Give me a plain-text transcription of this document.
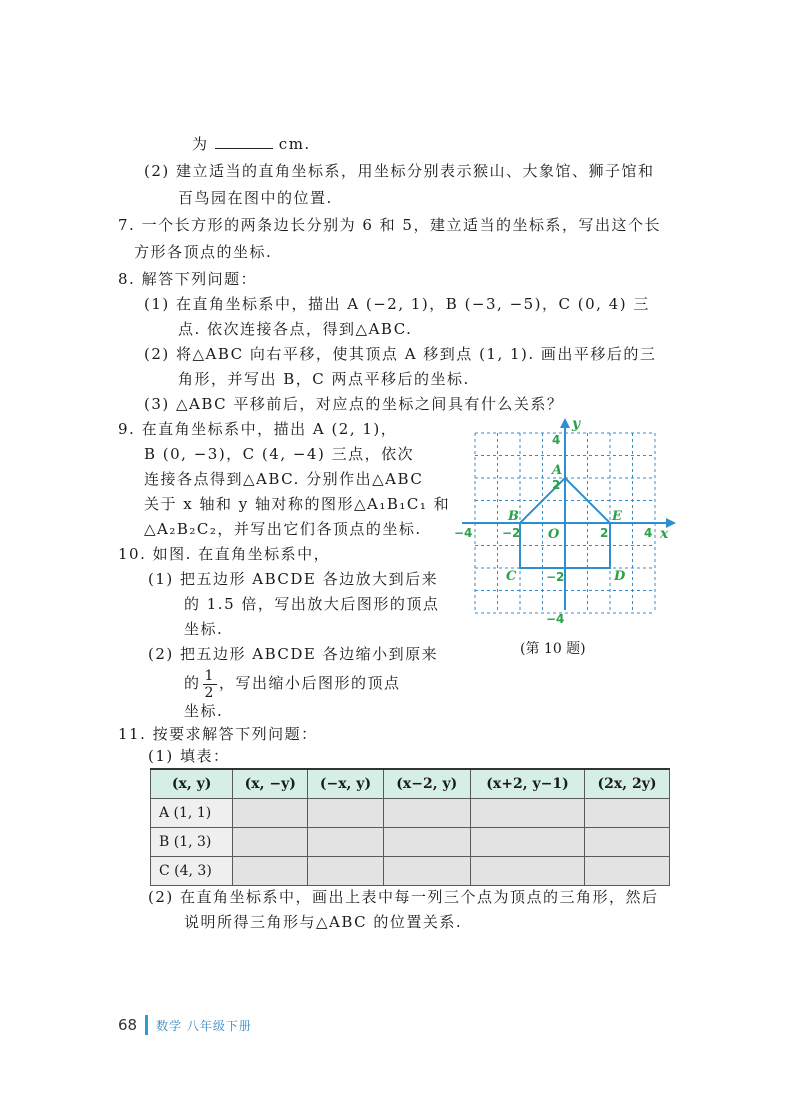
为	cm.
(2) 建立适当的直角坐标系，用坐标分别表示猴山、大象馆、狮子馆和
百鸟园在图中的位置.
7. 一个长方形的两条边长分别为 6 和 5，建立适当的坐标系，写出这个长
方形各顶点的坐标.
8. 解答下列问题：
(1) 在直角坐标系中，描出 A (−2, 1)，B (−3, −5)，C (0, 4) 三
点. 依次连接各点，得到△ABC.
(2) 将△ABC 向右平移，使其顶点 A 移到点 (1, 1). 画出平移后的三
角形，并写出 B，C 两点平移后的坐标.
(3) △ABC 平移前后，对应点的坐标之间具有什么关系？
9. 在直角坐标系中，描出 A (2, 1)，
B (0, −3)，C (4, −4) 三点，依次
连接各点得到△ABC. 分别作出△ABC
关于 x 轴和 y 轴对称的图形△A₁B₁C₁ 和
△A₂B₂C₂，并写出它们各顶点的坐标.
10. 如图. 在直角坐标系中，
(1) 把五边形 ABCDE 各边放大到后来
的 1.5 倍，写出放大后图形的顶点
坐标.
(2) 把五边形 ABCDE 各边缩小到原来
的 $\frac{1}{2}$ ，写出缩小后图形的顶点
坐标.
11. 按要求解答下列问题：
(1) 填表：
x
y
O
−4 −2	2	4
4
2
−2
−4
A
B
C	D
E
(第 10 题)
(x, y)	(x, −y)	(−x, y)	(x−2, y)	(x+2, y−1)	(2x, 2y)
A (1, 1)					
B (1, 3)					
C (4, 3)					
(2) 在直角坐标系中，画出上表中每一列三个点为顶点的三角形，然后
说明所得三角形与△ABC 的位置关系.
68 数学 八年级下册
